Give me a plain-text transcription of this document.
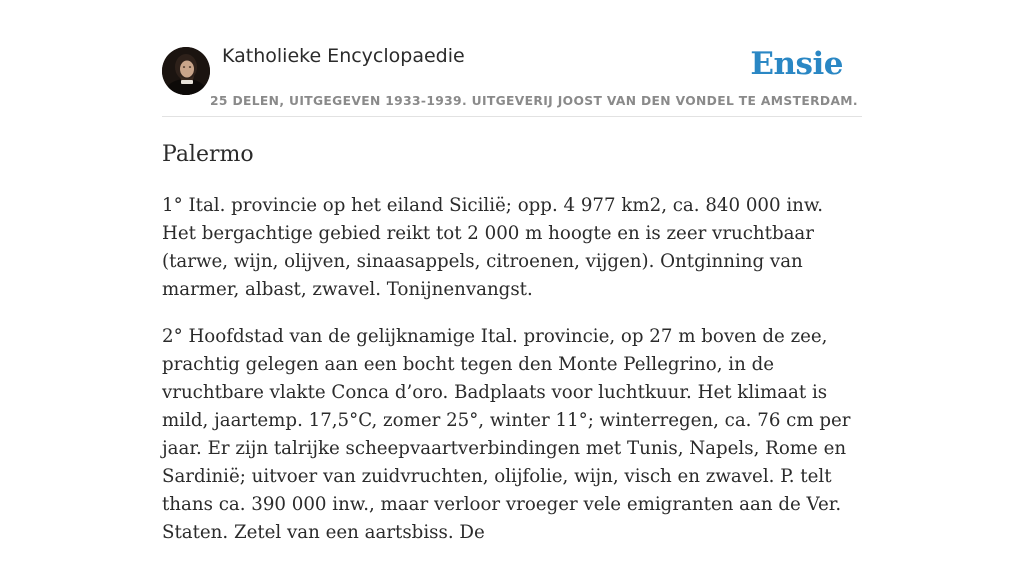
Katholieke Encyclopaedie
25 DELEN, UITGEGEVEN 1933-1939. UITGEVERIJ JOOST VAN DEN VONDEL TE AMSTERDAM.
Ensie
Palermo

1° Ital. provincie op het eiland Sicilië; opp. 4 977 km2, ca. 840 000 inw. Het bergachtige gebied reikt tot 2 000 m hoogte en is zeer vruchtbaar (tarwe, wijn, olijven, sinaasappels, citroenen, vijgen). Ontginning van marmer, albast, zwavel. Tonijnenvangst.

2° Hoofdstad van de gelijknamige Ital. provincie, op 27 m boven de zee, prachtig gelegen aan een bocht tegen den Monte Pellegrino, in de vruchtbare vlakte Conca d’oro. Badplaats voor luchtkuur. Het klimaat is mild, jaartemp. 17,5°C, zomer 25°, winter 11°; winterregen, ca. 76 cm per jaar. Er zijn talrijke scheepvaartverbindingen met Tunis, Napels, Rome en Sardinië; uitvoer van zuidvruchten, olijfolie, wijn, visch en zwavel. P. telt thans ca. 390 000 inw., maar verloor vroeger vele emigranten aan de Ver. Staten. Zetel van een aartsbiss. De
